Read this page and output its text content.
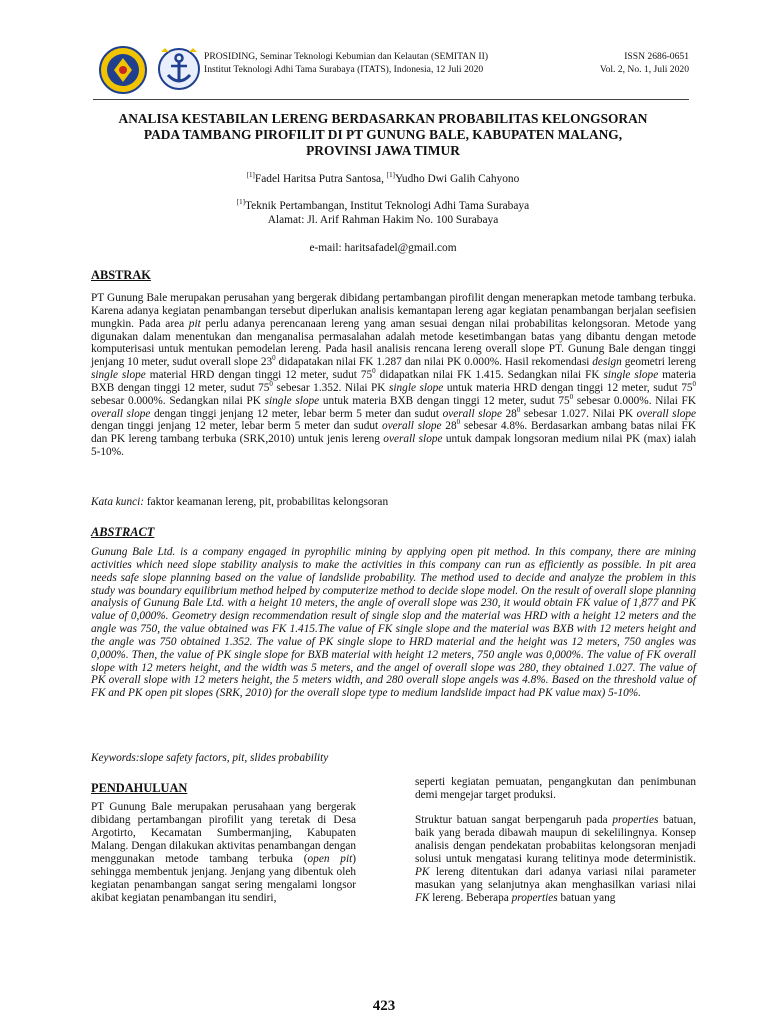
PROSIDING, Seminar Teknologi Kebumian dan Kelautan (SEMITAN II)
Institut Teknologi Adhi Tama Surabaya (ITATS), Indonesia, 12 Juli 2020
ISSN 2686-0651
Vol. 2, No. 1, Juli 2020
ANALISA KESTABILAN LERENG BERDASARKAN PROBABILITAS KELONGSORAN
PADA TAMBANG PIROFILIT DI PT GUNUNG BALE, KABUPATEN MALANG,
PROVINSI JAWA TIMUR
[1]Fadel Haritsa Putra Santosa, [1]Yudho Dwi Galih Cahyono
[1]Teknik Pertambangan, Institut Teknologi Adhi Tama Surabaya
Alamat: Jl. Arif Rahman Hakim No. 100 Surabaya
e-mail: haritsafadel@gmail.com
ABSTRAK

PT Gunung Bale merupakan perusahan yang bergerak dibidang pertambangan pirofilit dengan menerapkan metode tambang terbuka. Karena adanya kegiatan penambangan tersebut diperlukan analisis kemantapan lereng agar kegiatan penambangan berjalan seefisien mungkin. Pada area pit perlu adanya perencanaan lereng yang aman sesuai dengan nilai probabilitas kelongsoran. Metode yang digunakan dalam menentukan dan menganalisa permasalahan adalah metode kesetimbangan batas yang dibantu dengan metode komputerisasi untuk mentukan pemodelan lereng. Pada hasil analisis rencana lereng overall slope PT. Gunung Bale dengan tinggi jenjang 10 meter, sudut overall slope $23^0$ didapatakan nilai FK 1.287 dan nilai PK 0.000%. Hasil rekomendasi design geometri lereng single slope material HRD dengan tinggi 12 meter, sudut $75^0$ didapatkan nilai FK 1.415. Sedangkan nilai FK single slope materia BXB dengan tinggi 12 meter, sudut $75^0$ sebesar 1.352. Nilai PK single slope untuk materia HRD dengan tinggi 12 meter, sudut $75^0$ sebesar 0.000%. Sedangkan nilai PK single slope untuk materia BXB dengan tinggi 12 meter, sudut $75^0$ sebesar 0.000%. Nilai FK overall slope dengan tinggi jenjang 12 meter, lebar berm 5 meter dan sudut overall slope $28^0$ sebesar 1.027. Nilai PK overall slope dengan tinggi jenjang 12 meter, lebar berm 5 meter dan sudut overall slope $28^0$ sebesar 4.8%. Berdasarkan ambang batas nilai FK dan PK lereng tambang terbuka (SRK,2010) untuk jenis lereng overall slope untuk dampak longsoran medium nilai PK (max) ialah 5-10%.

Kata kunci: faktor keamanan lereng, pit, probabilitas kelongsoran

ABSTRACT

Gunung Bale Ltd. is a company engaged in pyrophilic mining by applying open pit method. In this company, there are mining activities which need slope stability analysis to make the activities in this company can run as efficiently as possible. In pit area needs safe slope planning based on the value of landslide probability. The method used to decide and analyze the problem in this study was boundary equilibrium method helped by computerize method to decide slope model. On the result of overall slope planning analysis of Gunung Bale Ltd. with a height 10 meters, the angle of overall slope was 230, it would obtain FK value of 1,877 and PK value of 0,000%. Geometry design recommendation result of single slop and the material was HRD with a height 12 meters and the angle was 750, the value obtained was FK 1.415.The value of FK single slope and the material was BXB with 12 meters height and the angle was 750 obtained 1.352. The value of PK single slope to HRD material and the height was 12 meters, 750 angles was 0,000%. Then, the value of PK single slope for BXB material with height 12 meters, 750 angle was 0,000%. The value of FK overall slope with 12 meters height, and the width was 5 meters, and the angel of overall slope was 280, they obtained 1.027. The value of PK overall slope with 12 meters height, the 5 meters width, and 280 overall slope angels was 4.8%. Based on the threshold value of FK and PK open pit slopes (SRK, 2010) for the overall slope type to medium landslide impact had PK value max) 5-10%.

Keywords:slope safety factors, pit, slides probability

PENDAHULUAN

PT Gunung Bale merupakan perusahaan yang bergerak dibidang pertambangan pirofilit yang teretak di Desa Argotirto, Kecamatan Sumbermanjing, Kabupaten Malang. Dengan dilakukan aktivitas penambangan dengan menggunakan metode tambang terbuka (open pit) sehingga membentuk jenjang. Jenjang yang dibentuk oleh kegiatan penambangan sangat sering mengalami longsor akibat kegiatan penambangan itu sendiri,

seperti kegiatan pemuatan, pengangkutan dan penimbunan demi mengejar target produksi.

Struktur batuan sangat berpengaruh pada properties batuan, baik yang berada dibawah maupun di sekelilingnya. Konsep analisis dengan pendekatan probabiitas kelongsoran menjadi solusi untuk mengatasi kurang telitinya mode deterministik. PK lereng ditentukan dari adanya variasi nilai parameter masukan yang selanjutnya akan menghasilkan variasi nilai FK lereng. Beberapa properties batuan yang

423
